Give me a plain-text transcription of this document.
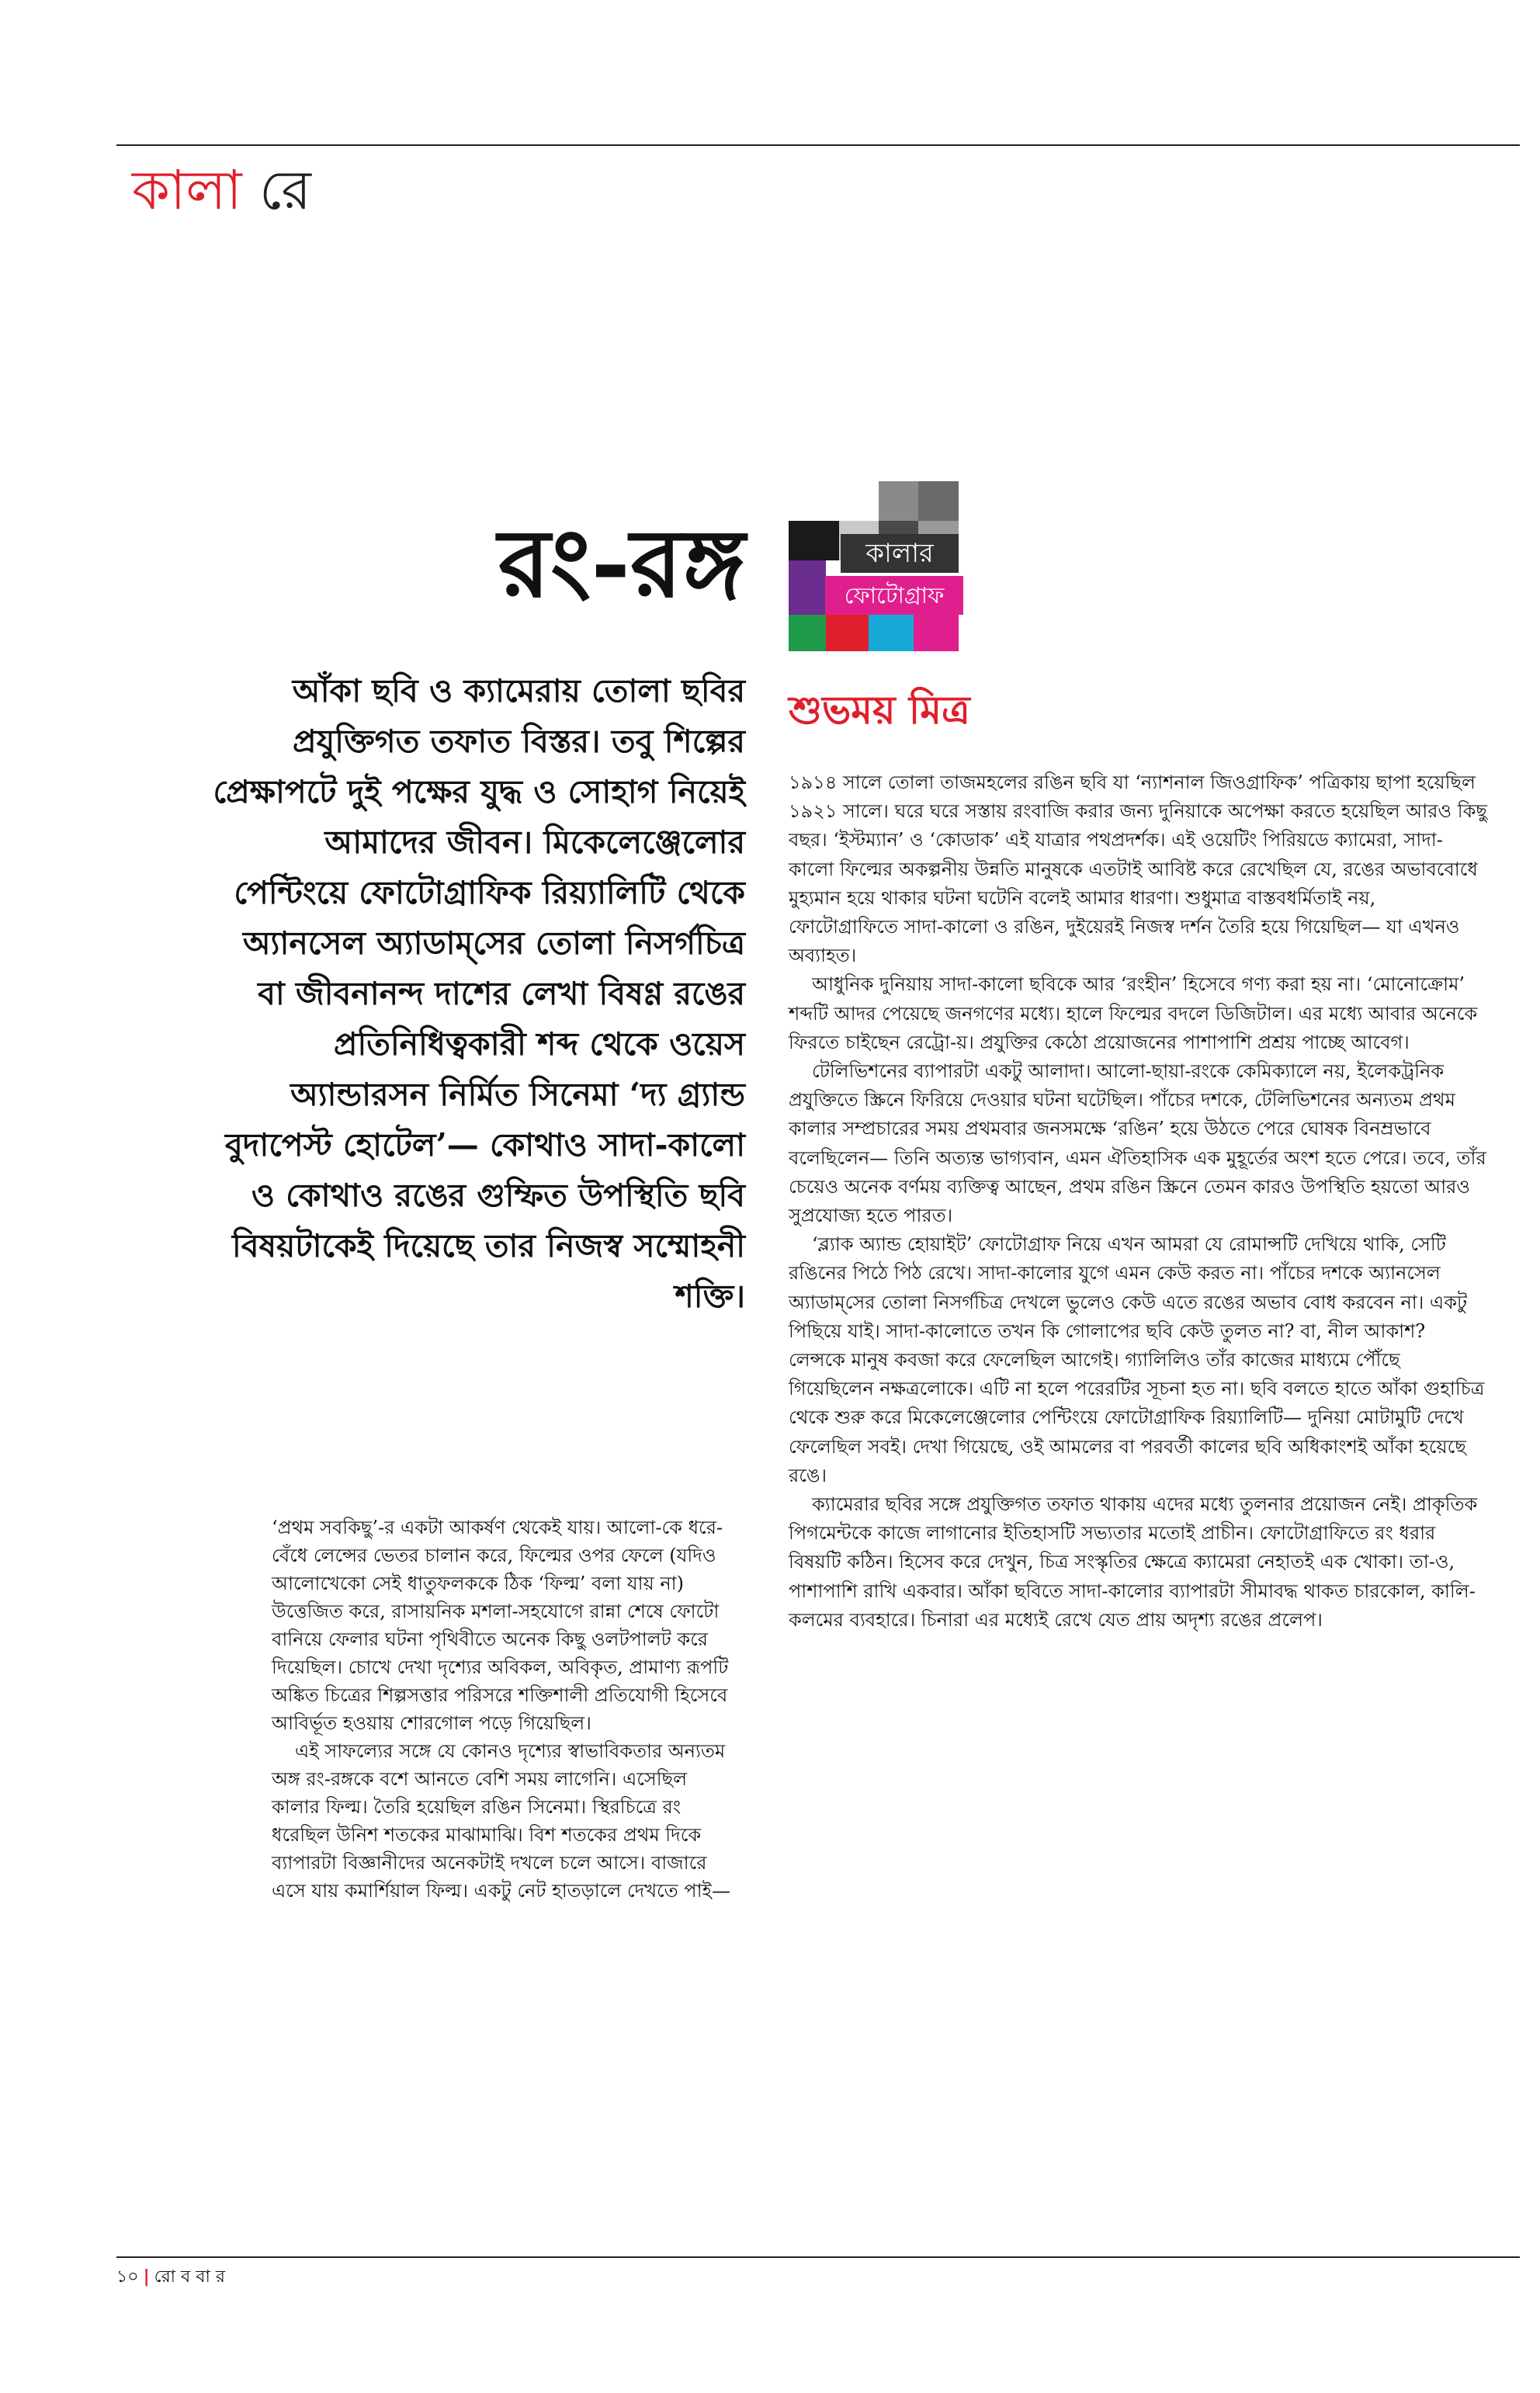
কালা রে
রং-রঙ্গ
আঁকা ছবি ও ক্যামেরায় তোলা ছবির প্রযুক্তিগত তফাত বিস্তর। তবু শিল্পের প্রেক্ষাপটে দুই পক্ষের যুদ্ধ ও সোহাগ নিয়েই আমাদের জীবন। মিকেলেঞ্জেলোর পেন্টিংয়ে ফোটোগ্রাফিক রিয়্যালিটি থেকে অ্যানসেল অ্যাডাম্‌সের তোলা নিসর্গচিত্র বা জীবনানন্দ দাশের লেখা বিষণ্ণ রঙের প্রতিনিধিত্বকারী শব্দ থেকে ওয়েস অ্যান্ডারসন নির্মিত সিনেমা ‘দ্য গ্র্যান্ড বুদাপেস্ট হোটেল’— কোথাও সাদা-কালো ও কোথাও রঙের গুম্ফিত উপস্থিতি ছবি বিষয়টাকেই দিয়েছে তার নিজস্ব সম্মোহনী শক্তি।
কালার
ফোটোগ্রাফ
শুভময় মিত্র

‘প্রথম সবকিছু’-র একটা আকর্ষণ থেকেই যায়। আলো-কে ধরে-বেঁধে লেন্সের ভেতর চালান করে, ফিল্মের ওপর ফেলে (যদিও আলোখেকো সেই ধাতুফলককে ঠিক ‘ফিল্ম’ বলা যায় না) উত্তেজিত করে, রাসায়নিক মশলা-সহযোগে রান্না শেষে ফোটো বানিয়ে ফেলার ঘটনা পৃথিবীতে অনেক কিছু ওলটপালট করে দিয়েছিল। চোখে দেখা দৃশ্যের অবিকল, অবিকৃত, প্রামাণ্য রূপটি অঙ্কিত চিত্রের শিল্পসত্তার পরিসরে শক্তিশালী প্রতিযোগী হিসেবে আবির্ভূত হওয়ায় শোরগোল পড়ে গিয়েছিল।

এই সাফল্যের সঙ্গে যে কোনও দৃশ্যের স্বাভাবিকতার অন্যতম অঙ্গ রং-রঙ্গকে বশে আনতে বেশি সময় লাগেনি। এসেছিল কালার ফিল্ম। তৈরি হয়েছিল রঙিন সিনেমা। স্থিরচিত্রে রং ধরেছিল উনিশ শতকের মাঝামাঝি। বিশ শতকের প্রথম দিকে ব্যাপারটা বিজ্ঞানীদের অনেকটাই দখলে চলে আসে। বাজারে এসে যায় কমার্শিয়াল ফিল্ম। একটু নেট হাতড়ালে দেখতে পাই—

১৯১৪ সালে তোলা তাজমহলের রঙিন ছবি যা ‘ন্যাশনাল জিওগ্রাফিক’ পত্রিকায় ছাপা হয়েছিল ১৯২১ সালে। ঘরে ঘরে সস্তায় রংবাজি করার জন্য দুনিয়াকে অপেক্ষা করতে হয়েছিল আরও কিছু বছর। ‘ইস্টম্যান’ ও ‘কোডাক’ এই যাত্রার পথপ্রদর্শক। এই ওয়েটিং পিরিয়ডে ক্যামেরা, সাদা-কালো ফিল্মের অকল্পনীয় উন্নতি মানুষকে এতটাই আবিষ্ট করে রেখেছিল যে, রঙের অভাববোধে মুহ্যমান হয়ে থাকার ঘটনা ঘটেনি বলেই আমার ধারণা। শুধুমাত্র বাস্তবধর্মিতাই নয়, ফোটোগ্রাফিতে সাদা-কালো ও রঙিন, দুইয়েরই নিজস্ব দর্শন তৈরি হয়ে গিয়েছিল— যা এখনও অব্যাহত।

আধুনিক দুনিয়ায় সাদা-কালো ছবিকে আর ‘রংহীন’ হিসেবে গণ্য করা হয় না। ‘মোনোক্রোম’ শব্দটি আদর পেয়েছে জনগণের মধ্যে। হালে ফিল্মের বদলে ডিজিটাল। এর মধ্যে আবার অনেকে ফিরতে চাইছেন রেট্রো-য়। প্রযুক্তির কেঠো প্রয়োজনের পাশাপাশি প্রশ্রয় পাচ্ছে আবেগ।

টেলিভিশনের ব্যাপারটা একটু আলাদা। আলো-ছায়া-রংকে কেমিক্যালে নয়, ইলেকট্রনিক প্রযুক্তিতে স্ক্রিনে ফিরিয়ে দেওয়ার ঘটনা ঘটেছিল। পাঁচের দশকে, টেলিভিশনের অন্যতম প্রথম কালার সম্প্রচারের সময় প্রথমবার জনসমক্ষে ‘রঙিন’ হয়ে উঠতে পেরে ঘোষক বিনম্রভাবে বলেছিলেন— তিনি অত্যন্ত ভাগ্যবান, এমন ঐতিহাসিক এক মুহূর্তের অংশ হতে পেরে। তবে, তাঁর চেয়েও অনেক বর্ণময় ব্যক্তিত্ব আছেন, প্রথম রঙিন স্ক্রিনে তেমন কারও উপস্থিতি হয়তো আরও সুপ্রযোজ্য হতে পারত।

‘ব্ল্যাক অ্যান্ড হোয়াইট’ ফোটোগ্রাফ নিয়ে এখন আমরা যে রোমান্সটি দেখিয়ে থাকি, সেটি রঙিনের পিঠে পিঠ রেখে। সাদা-কালোর যুগে এমন কেউ করত না। পাঁচের দশকে অ্যানসেল অ্যাডাম্‌সের তোলা নিসর্গচিত্র দেখলে ভুলেও কেউ এতে রঙের অভাব বোধ করবেন না। একটু পিছিয়ে যাই। সাদা-কালোতে তখন কি গোলাপের ছবি কেউ তুলত না? বা, নীল আকাশ? লেন্সকে মানুষ কবজা করে ফেলেছিল আগেই। গ্যালিলিও তাঁর কাজের মাধ্যমে পৌঁছে গিয়েছিলেন নক্ষত্রলোকে। এটি না হলে পরেরটির সূচনা হত না। ছবি বলতে হাতে আঁকা গুহাচিত্র থেকে শুরু করে মিকেলেঞ্জেলোর পেন্টিংয়ে ফোটোগ্রাফিক রিয়্যালিটি— দুনিয়া মোটামুটি দেখে ফেলেছিল সবই। দেখা গিয়েছে, ওই আমলের বা পরবর্তী কালের ছবি অধিকাংশই আঁকা হয়েছে রঙে।

ক্যামেরার ছবির সঙ্গে প্রযুক্তিগত তফাত থাকায় এদের মধ্যে তুলনার প্রয়োজন নেই। প্রাকৃতিক পিগমেন্টকে কাজে লাগানোর ইতিহাসটি সভ্যতার মতোই প্রাচীন। ফোটোগ্রাফিতে রং ধরার বিষয়টি কঠিন। হিসেব করে দেখুন, চিত্র সংস্কৃতির ক্ষেত্রে ক্যামেরা নেহাতই এক খোকা। তা-ও, পাশাপাশি রাখি একবার। আঁকা ছবিতে সাদা-কালোর ব্যাপারটা সীমাবদ্ধ থাকত চারকোল, কালি-কলমের ব্যবহারে। চিনারা এর মধ্যেই রেখে যেত প্রায় অদৃশ্য রঙের প্রলেপ।

১০ | রো ব বা র
